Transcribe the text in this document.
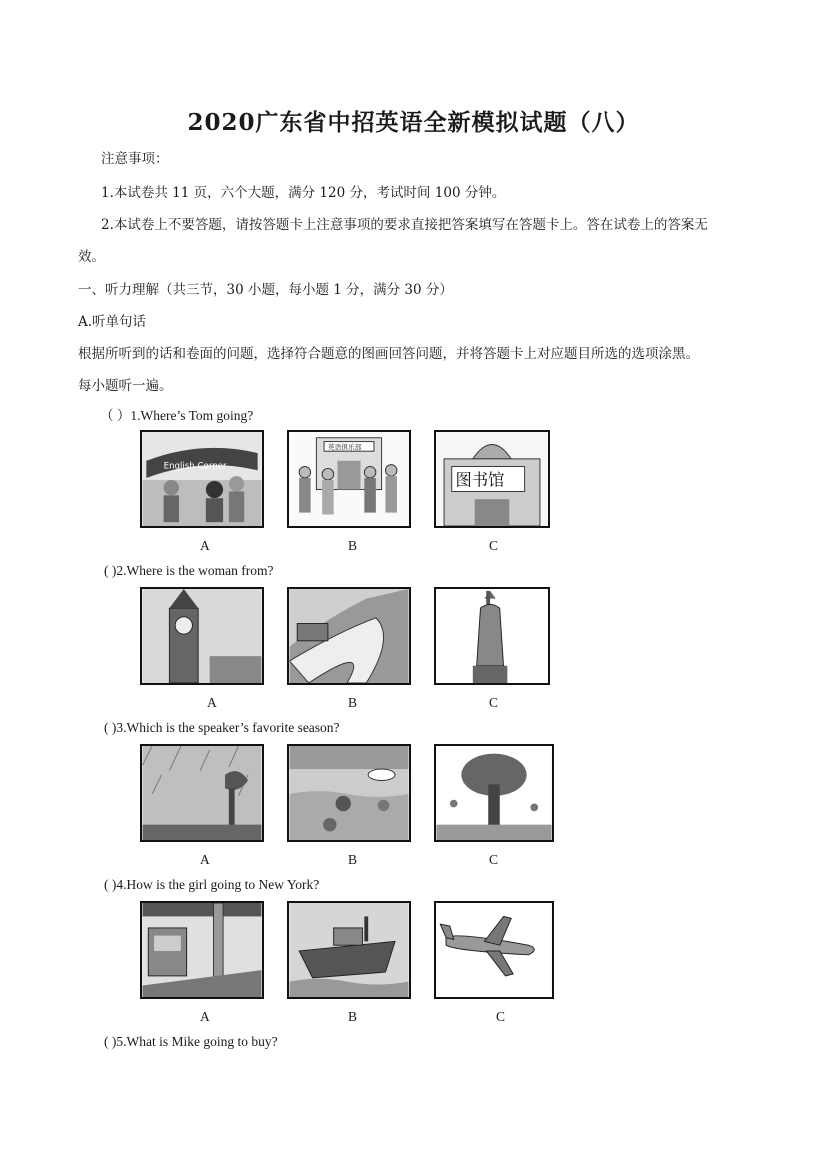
2020广东省中招英语全新模拟试题（八）
注意事项：
1.本试卷共 11 页，六个大题，满分 120 分，考试时间 100 分钟。
2.本试卷上不要答题，请按答题卡上注意事项的要求直接把答案填写在答题卡上。答在试卷上的答案无
效。
一、听力理解（共三节，30 小题，每小题 1 分，满分 30 分）
A.听单句话
根据所听到的话和卷面的问题，选择符合题意的图画回答问题，并将答题卡上对应题目所选的选项涂黑。
每小题听一遍。
（ ）1.Where’s Tom going?
English Corner
英语俱乐部
图书馆
A	B	C
( )2.Where is the woman from?
A	B	C
( )3.Which is the speaker’s favorite season?
A	B	C
( )4.How is the girl going to New York?
A	B	C
( )5.What is Mike going to buy?
